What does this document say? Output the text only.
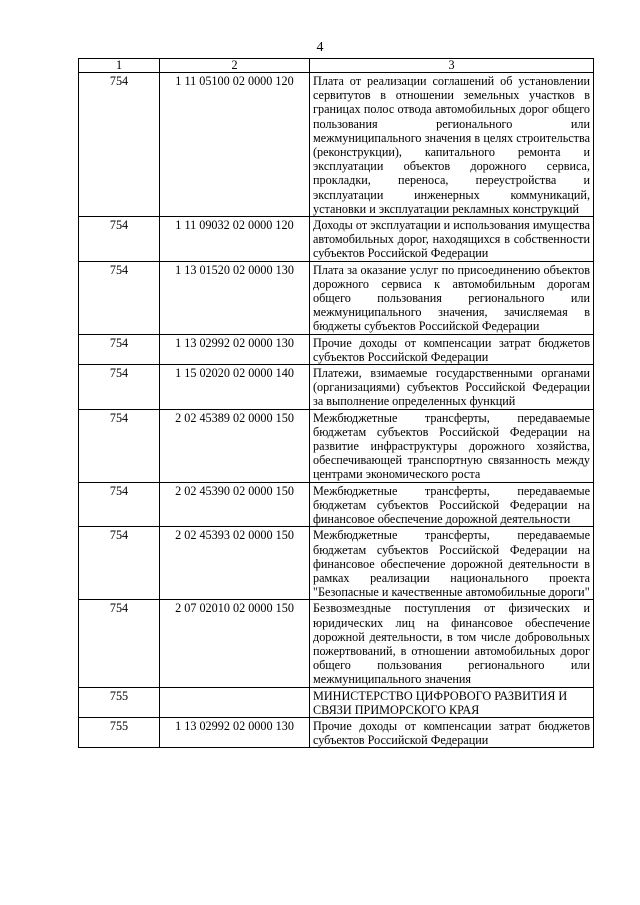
4
1	2	3
754	1 11 05100 02 0000 120	Плата от реализации соглашений об установлении сервитутов в отношении земельных участков в границах полос отвода автомобильных дорог общего пользования регионального или межмуниципального значения в целях строительства (реконструкции), капитального ремонта и эксплуатации объектов дорожного сервиса, прокладки, переноса, переустройства и эксплуатации инженерных коммуникаций, установки и эксплуатации рекламных конструкций
754	1 11 09032 02 0000 120	Доходы от эксплуатации и использования имущества автомобильных дорог, находящихся в собственности субъектов Российской Федерации
754	1 13 01520 02 0000 130	Плата за оказание услуг по присоединению объектов дорожного сервиса к автомобильным дорогам общего пользования регионального или межмуниципального значения, зачисляемая в бюджеты субъектов Российской Федерации
754	1 13 02992 02 0000 130	Прочие доходы от компенсации затрат бюджетов субъектов Российской Федерации
754	1 15 02020 02 0000 140	Платежи, взимаемые государственными органами (организациями) субъектов Российской Федерации за выполнение определенных функций
754	2 02 45389 02 0000 150	Межбюджетные трансферты, передаваемые бюджетам субъектов Российской Федерации на развитие инфраструктуры дорожного хозяйства, обеспечивающей транспортную связанность между центрами экономического роста
754	2 02 45390 02 0000 150	Межбюджетные трансферты, передаваемые бюджетам субъектов Российской Федерации на финансовое обеспечение дорожной деятельности
754	2 02 45393 02 0000 150	Межбюджетные трансферты, передаваемые бюджетам субъектов Российской Федерации на финансовое обеспечение дорожной деятельности в рамках реализации национального проекта "Безопасные и качественные автомобильные дороги"
754	2 07 02010 02 0000 150	Безвозмездные поступления от физических и юридических лиц на финансовое обеспечение дорожной деятельности, в том числе добровольных пожертвований, в отношении автомобильных дорог общего пользования регионального или межмуниципального значения
755		МИНИСТЕРСТВО ЦИФРОВОГО РАЗВИТИЯ И СВЯЗИ ПРИМОРСКОГО КРАЯ
755	1 13 02992 02 0000 130	Прочие доходы от компенсации затрат бюджетов субъектов Российской Федерации
